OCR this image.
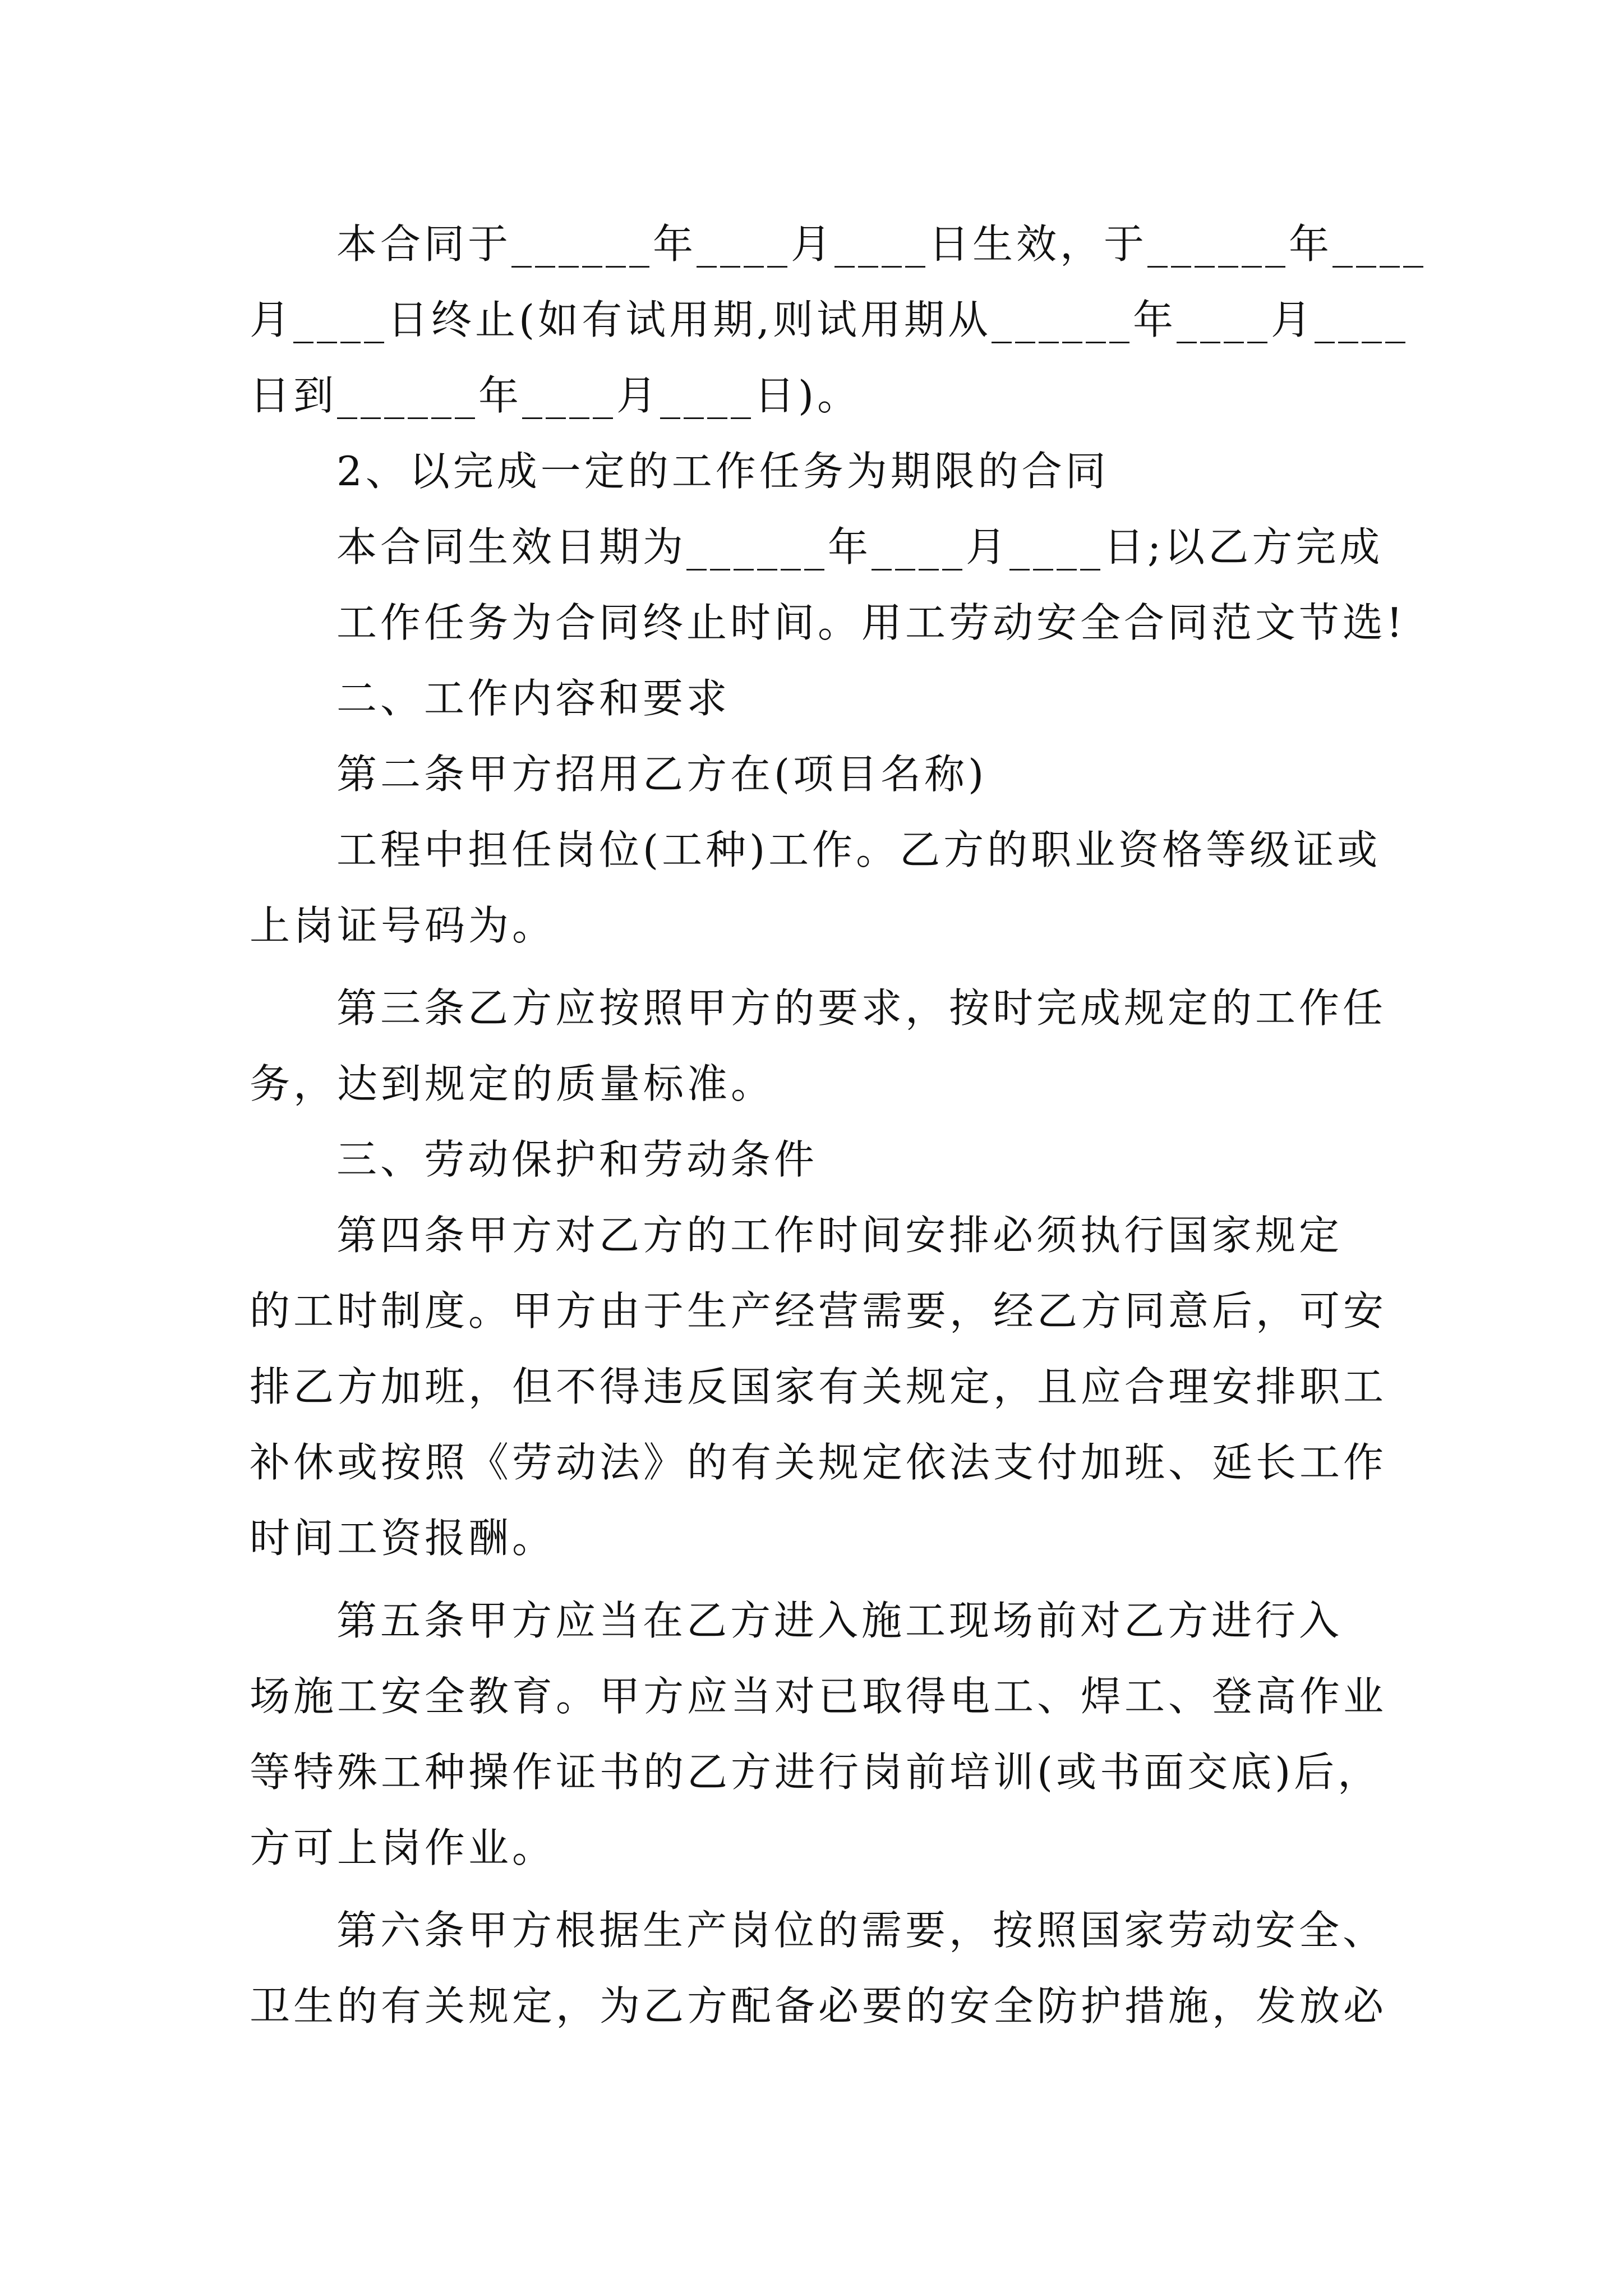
本合同于______年____月____日生效，于______年____
月____日终止(如有试用期,则试用期从______年____月____
日到______年____月____日)。
2、以完成一定的工作任务为期限的合同
本合同生效日期为______年____月____日;以乙方完成
工作任务为合同终止时间。用工劳动安全合同范文节选!
二、工作内容和要求
第二条甲方招用乙方在(项目名称)
工程中担任岗位(工种)工作。乙方的职业资格等级证或
上岗证号码为。
第三条乙方应按照甲方的要求，按时完成规定的工作任
务，达到规定的质量标准。
三、劳动保护和劳动条件
第四条甲方对乙方的工作时间安排必须执行国家规定
的工时制度。甲方由于生产经营需要，经乙方同意后，可安
排乙方加班，但不得违反国家有关规定，且应合理安排职工
补休或按照《劳动法》的有关规定依法支付加班、延长工作
时间工资报酬。
第五条甲方应当在乙方进入施工现场前对乙方进行入
场施工安全教育。甲方应当对已取得电工、焊工、登高作业
等特殊工种操作证书的乙方进行岗前培训(或书面交底)后，
方可上岗作业。
第六条甲方根据生产岗位的需要，按照国家劳动安全、
卫生的有关规定，为乙方配备必要的安全防护措施，发放必
